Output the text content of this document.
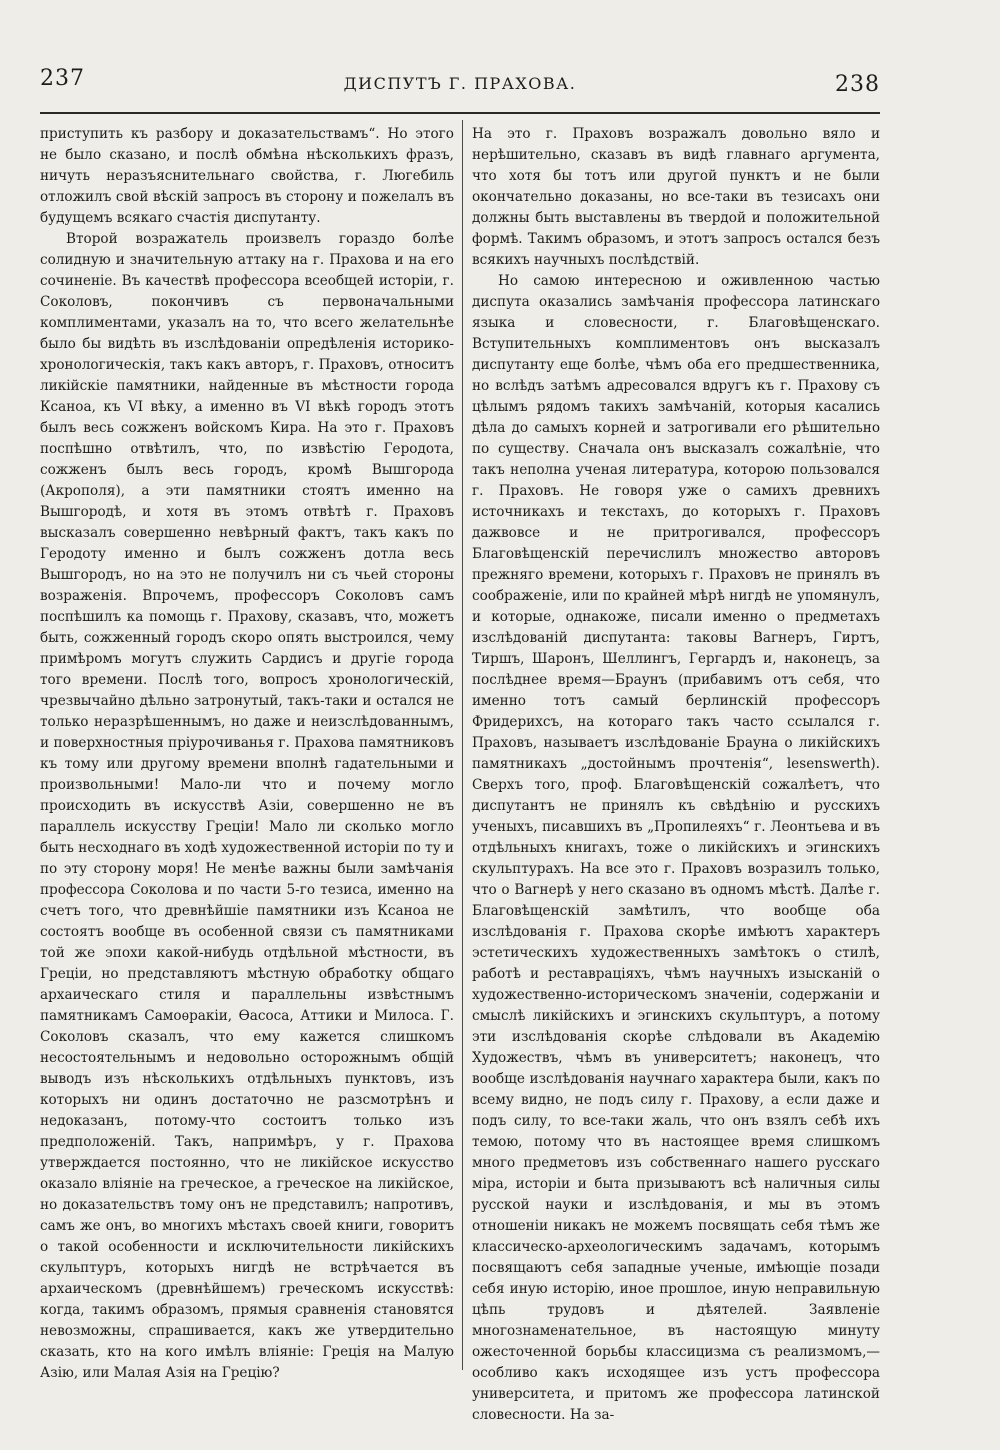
237	ДИСПУТЪ Г. ПРАХОВА.	238

приступить къ разбору и доказательствамъ“. Но этого не было сказано, и послѣ обмѣна нѣсколькихъ фразъ, ничуть неразъяснительнаго свойства, г. Люгебиль отложилъ свой вѣскій запросъ въ сторону и пожелалъ въ будущемъ всякаго счастія диспутанту.

Второй возражатель произвелъ гораздо болѣе солидную и значительную аттаку на г. Прахова и на его сочиненіе. Въ качествѣ профессора всеобщей исторіи, г. Соколовъ, покончивъ съ первоначальными комплиментами, указалъ на то, что всего желательнѣе было бы видѣть въ изслѣдованіи опредѣленія историко-хронологическія, такъ какъ авторъ, г. Праховъ, относитъ ликійскіе памятники, найденные въ мѣстности города Ксаноа, къ VI вѣку, а именно въ VI вѣкѣ городъ этотъ былъ весь сожженъ войскомъ Кира. На это г. Праховъ поспѣшно отвѣтилъ, что, по извѣстію Геродота, сожженъ былъ весь городъ, кромѣ Вышгорода (Акрополя), а эти памятники стоятъ именно на Вышгородѣ, и хотя въ этомъ отвѣтѣ г. Праховъ высказалъ совершенно невѣрный фактъ, такъ какъ по Геродоту именно и былъ сожженъ дотла весь Вышгородъ, но на это не получилъ ни съ чьей стороны возраженія. Впрочемъ, профессоръ Соколовъ самъ поспѣшилъ ка помощь г. Прахову, сказавъ, что, можетъ быть, сожженный городъ скоро опять выстроился, чему примѣромъ могутъ служить Сардисъ и другіе города того времени. Послѣ того, вопросъ хронологическій, чрезвычайно дѣльно затронутый, такъ-таки и остался не только неразрѣшеннымъ, но даже и неизслѣдованнымъ, и поверхностныя пріурочиванья г. Прахова памятниковъ къ тому или другому времени вполнѣ гадательными и произвольными! Мало-ли что и почему могло происходить въ искусствѣ Азіи, совершенно не въ параллель искусству Греціи! Мало ли сколько могло быть несходнаго въ ходѣ художественной исторіи по ту и по эту сторону моря! Не менѣе важны были замѣчанія профессора Соколова и по части 5-го тезиса, именно на счетъ того, что древнѣйшіе памятники изъ Ксаноа не состоятъ вообще въ особенной связи съ памятниками той же эпохи какой-нибудь отдѣльной мѣстности, въ Греціи, но представляютъ мѣстную обработку общаго архаическаго стиля и параллельны извѣстнымъ памятникамъ Самоѳракіи, Ѳасоса, Аттики и Милоса. Г. Соколовъ сказалъ, что ему кажется слишкомъ несостоятельнымъ и недовольно осторожнымъ общій выводъ изъ нѣсколькихъ отдѣльныхъ пунктовъ, изъ которыхъ ни одинъ достаточно не разсмотрѣнъ и недоказанъ, потому-что состоитъ только изъ предположеній. Такъ, напримѣръ, у г. Прахова утверждается постоянно, что не ликійское искусство оказало вліяніе на греческое, а греческое на ликійское, но доказательствъ тому онъ не представилъ; напротивъ, самъ же онъ, во многихъ мѣстахъ своей книги, говоритъ о такой особенности и исключительности ликійскихъ скульптуръ, которыхъ нигдѣ не встрѣчается въ архаическомъ (древнѣйшемъ) греческомъ искусствѣ: когда, такимъ образомъ, прямыя сравненія становятся невозможны, спрашивается, какъ же утвердительно сказать, кто на кого имѣлъ вліяніе: Греція на Малую Азію, или Малая Азія на Грецію?

На это г. Праховъ возражалъ довольно вяло и нерѣшительно, сказавъ въ видѣ главнаго аргумента, что хотя бы тотъ или другой пунктъ и не были окончательно доказаны, но все-таки въ тезисахъ они должны быть выставлены въ твердой и положительной формѣ. Такимъ образомъ, и этотъ запросъ остался безъ всякихъ научныхъ послѣдствій.

Но самою интересною и оживленною частью диспута оказались замѣчанія профессора латинскаго языка и словесности, г. Благовѣщенскаго. Вступительныхъ комплиментовъ онъ высказалъ диспутанту еще болѣе, чѣмъ оба его предшественника, но вслѣдъ затѣмъ адресовался вдругъ къ г. Прахову съ цѣлымъ рядомъ такихъ замѣчаній, которыя касались дѣла до самыхъ корней и затрогивали его рѣшительно по существу. Сначала онъ высказалъ сожалѣніе, что такъ неполна ученая литература, которою пользовался г. Праховъ. Не говоря уже о самихъ древнихъ источникахъ и текстахъ, до которыхъ г. Праховъ дажвовсе и не притрогивался, профессоръ Благовѣщенскій перечислилъ множество авторовъ прежняго времени, которыхъ г. Праховъ не принялъ въ соображеніе, или по крайней мѣрѣ нигдѣ не упомянулъ, и которые, однакоже, писали именно о предметахъ изслѣдованій диспутанта: таковы Вагнеръ, Гиртъ, Тиршъ, Шаронъ, Шеллингъ, Гергардъ и, наконецъ, за послѣднее время—Браунъ (прибавимъ отъ себя, что именно тотъ самый берлинскій профессоръ Фридерихсъ, на котораго такъ часто ссылался г. Праховъ, называетъ изслѣдованіе Брауна о ликійскихъ памятникахъ „достойнымъ прочтенія“, lesenswerth). Сверхъ того, проф. Благовѣщенскій сожалѣетъ, что диспутантъ не принялъ къ свѣдѣнію и русскихъ ученыхъ, писавшихъ въ „Пропилеяхъ“ г. Леонтьева и въ отдѣльныхъ книгахъ, тоже о ликійскихъ и эгинскихъ скульптурахъ. На все это г. Праховъ возразилъ только, что о Вагнерѣ у него сказано въ одномъ мѣстѣ. Далѣе г. Благовѣщенскій замѣтилъ, что вообще оба изслѣдованія г. Прахова скорѣе имѣютъ характеръ эстетическихъ художественныхъ замѣтокъ о стилѣ, работѣ и реставраціяхъ, чѣмъ научныхъ изысканій о художественно-историческомъ значеніи, содержаніи и смыслѣ ликійскихъ и эгинскихъ скульптуръ, а потому эти изслѣдованія скорѣе слѣдовали въ Академію Художествъ, чѣмъ въ университетъ; наконецъ, что вообще изслѣдованія научнаго характера были, какъ по всему видно, не подъ силу г. Прахову, а если даже и подъ силу, то все-таки жаль, что онъ взялъ себѣ ихъ темою, потому что въ настоящее время слишкомъ много предметовъ изъ собственнаго нашего русскаго міра, исторіи и быта призываютъ всѣ наличныя силы русской науки и изслѣдованія, и мы въ этомъ отношеніи никакъ не можемъ посвящать себя тѣмъ же классическо-археологическимъ задачамъ, которымъ посвящаютъ себя западные ученые, имѣющіе позади себя иную исторію, иное прошлое, иную неправильную цѣпь трудовъ и дѣятелей. Заявленіе многознаменательное, въ настоящую минуту ожесточенной борьбы классицизма съ реализмомъ,—особливо какъ исходящее изъ устъ профессора университета, и притомъ же профессора латинской словесности. На за-
